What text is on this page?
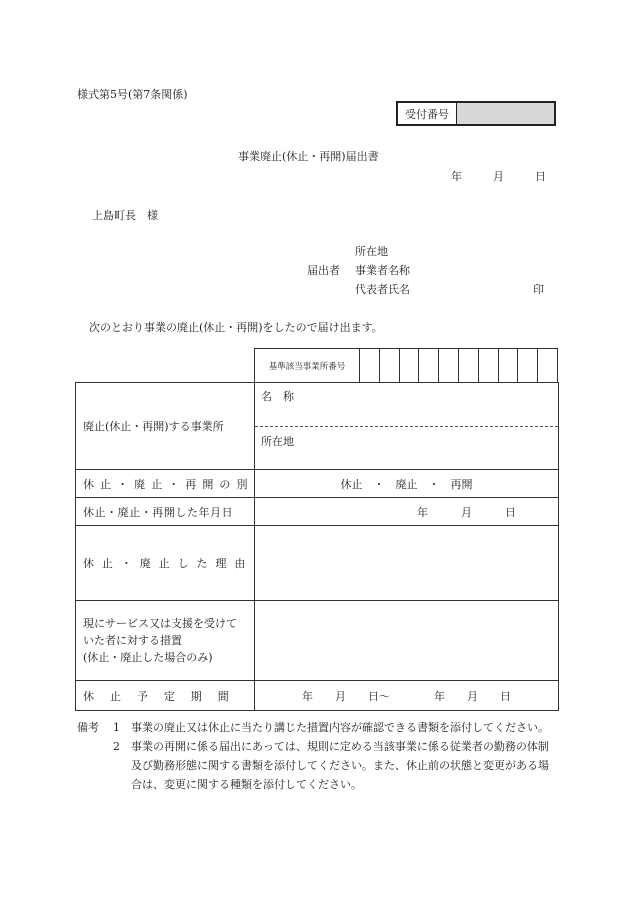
様式第5号(第7条関係)
受付番号
事業廃止(休止・再開)届出書
年	月	日
上島町長　様
所在地
届出者 事業者名称
代表者氏名	印
次のとおり事業の廃止(休止・再開)をしたので届け出ます。
基準該当事業所番号
廃止(休止・再開)する事業所	名　称
所在地

休止・廃止・再開の別	休止　・　廃止　・　再開
休止・廃止・再開した年月日	年　　　月　　　日
休止・廃止した理由	

現にサービス又は支援を受けて
いた者に対する措置
(休止・廃止した場合のみ)	

休止予定期間	年　　月　　日～　　　　年　　月　　日
備考	1	事業の廃止又は休止に当たり講じた措置内容が確認できる書類を添付してください。
2	事業の再開に係る届出にあっては、規則に定める当該事業に係る従業者の勤務の体制及び勤務形態に関する書類を添付してください。また、休止前の状態と変更がある場合は、変更に関する種類を添付してください。
